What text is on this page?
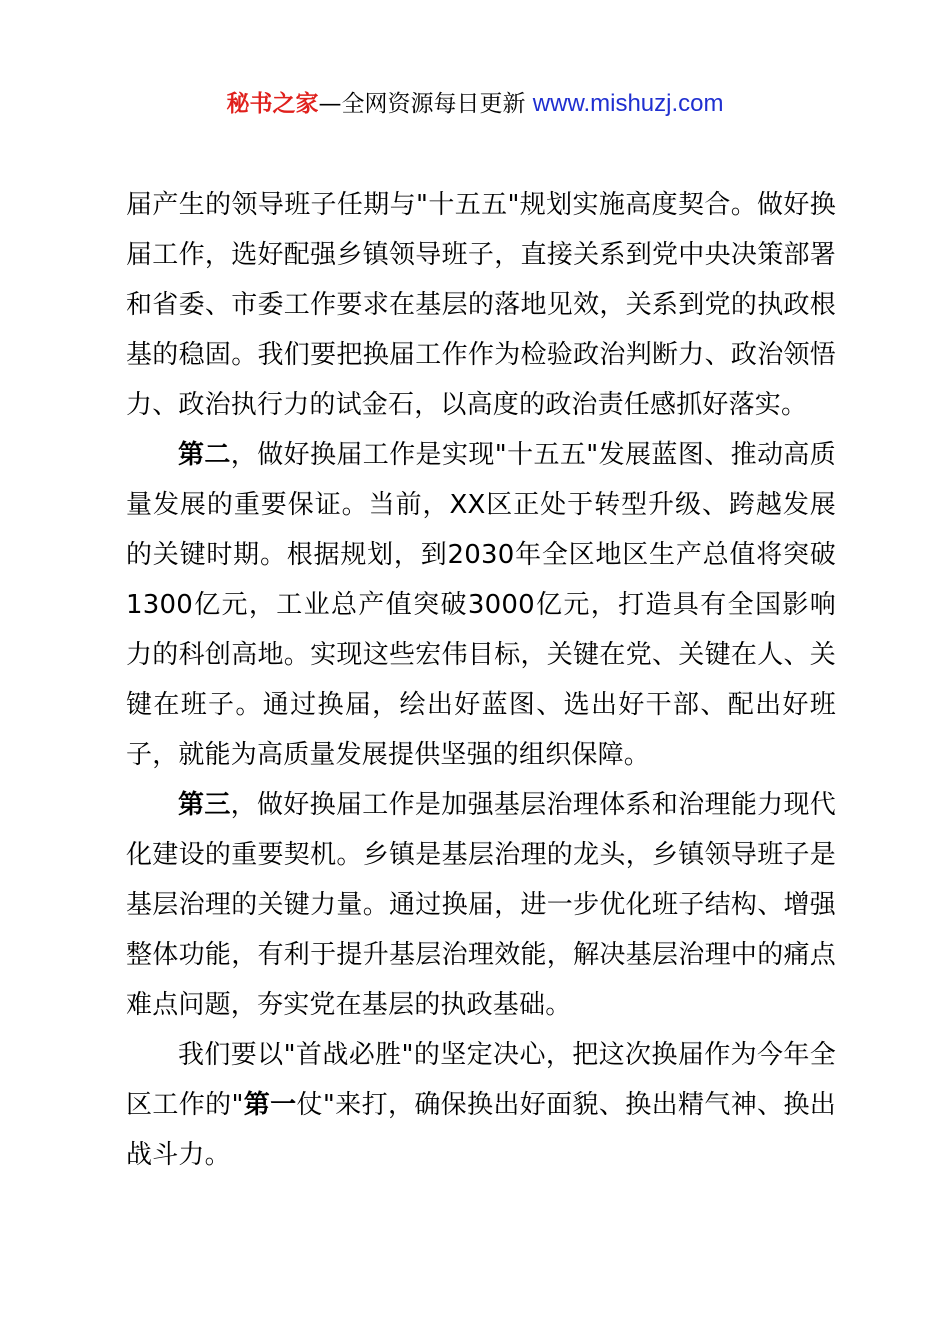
秘书之家—全网资源每日更新 www.mishuzj.com

届产生的领导班子任期与"十五五"规划实施高度契合。做好换届工作，选好配强乡镇领导班子，直接关系到党中央决策部署和省委、市委工作要求在基层的落地见效，关系到党的执政根基的稳固。我们要把换届工作作为检验政治判断力、政治领悟力、政治执行力的试金石，以高度的政治责任感抓好落实。

第二，做好换届工作是实现"十五五"发展蓝图、推动高质量发展的重要保证。当前，XX区正处于转型升级、跨越发展的关键时期。根据规划，到2030年全区地区生产总值将突破1300亿元，工业总产值突破3000亿元，打造具有全国影响力的科创高地。实现这些宏伟目标，关键在党、关键在人、关键在班子。通过换届，绘出好蓝图、选出好干部、配出好班子，就能为高质量发展提供坚强的组织保障。

第三，做好换届工作是加强基层治理体系和治理能力现代化建设的重要契机。乡镇是基层治理的龙头，乡镇领导班子是基层治理的关键力量。通过换届，进一步优化班子结构、增强整体功能，有利于提升基层治理效能，解决基层治理中的痛点难点问题，夯实党在基层的执政基础。

我们要以"首战必胜"的坚定决心，把这次换届作为今年全区工作的"第一仗"来打，确保换出好面貌、换出精气神、换出战斗力。
